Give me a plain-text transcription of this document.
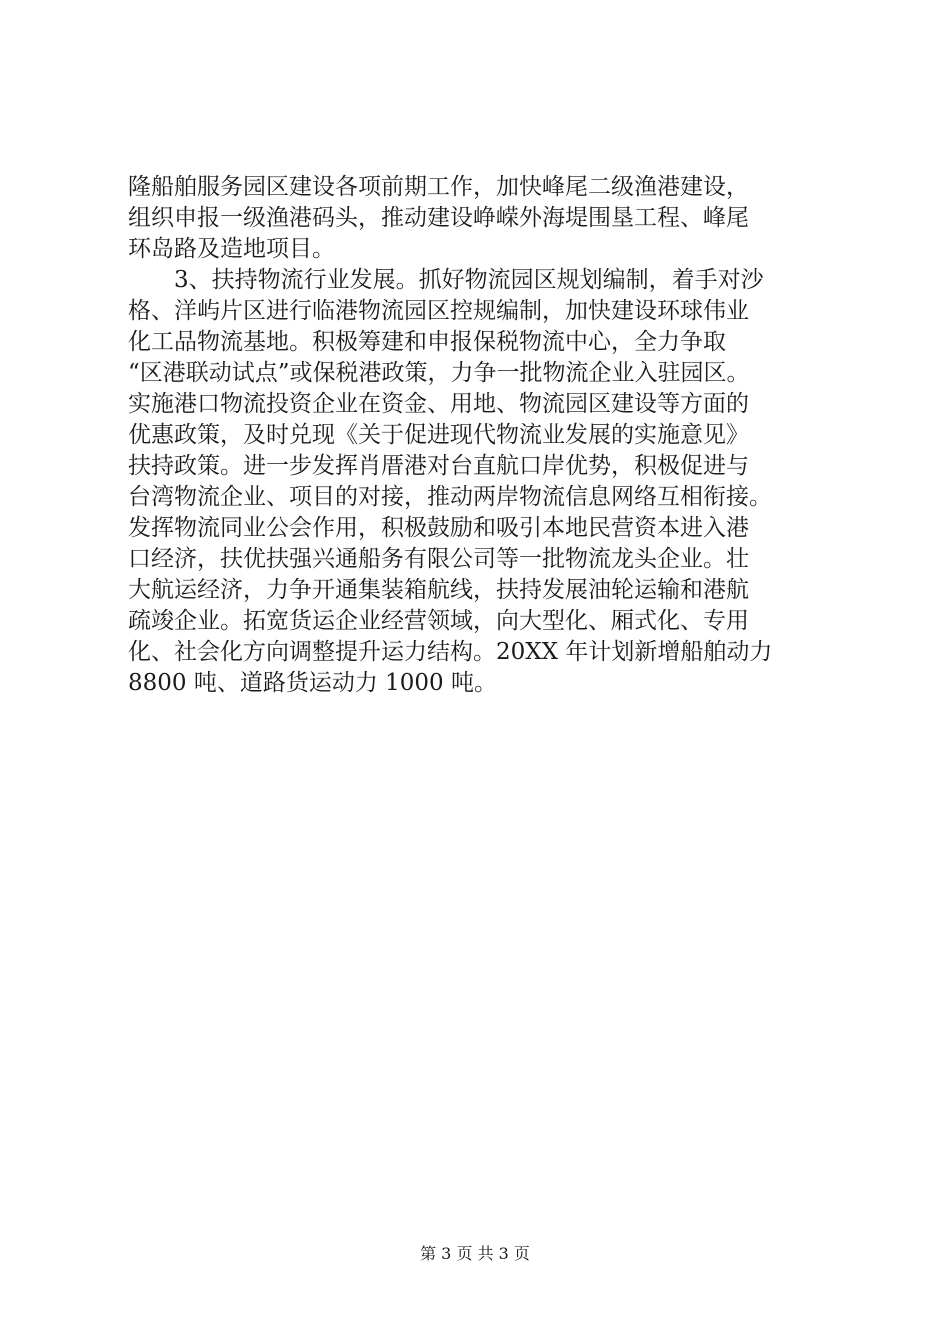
隆船舶服务园区建设各项前期工作，加快峰尾二级渔港建设，
组织申报一级渔港码头，推动建设峥嵘外海堤围垦工程、峰尾
环岛路及造地项目。
3、扶持物流行业发展。抓好物流园区规划编制，着手对沙
格、洋屿片区进行临港物流园区控规编制，加快建设环球伟业
化工品物流基地。积极筹建和申报保税物流中心，全力争取
“区港联动试点”或保税港政策，力争一批物流企业入驻园区。
实施港口物流投资企业在资金、用地、物流园区建设等方面的
优惠政策，及时兑现《关于促进现代物流业发展的实施意见》
扶持政策。进一步发挥肖厝港对台直航口岸优势，积极促进与
台湾物流企业、项目的对接，推动两岸物流信息网络互相衔接。
发挥物流同业公会作用，积极鼓励和吸引本地民营资本进入港
口经济，扶优扶强兴通船务有限公司等一批物流龙头企业。壮
大航运经济，力争开通集装箱航线，扶持发展油轮运输和港航
疏竣企业。拓宽货运企业经营领域，向大型化、厢式化、专用
化、社会化方向调整提升运力结构。20XX 年计划新增船舶动力
8800 吨、道路货运动力 1000 吨。
第 3 页 共 3 页
